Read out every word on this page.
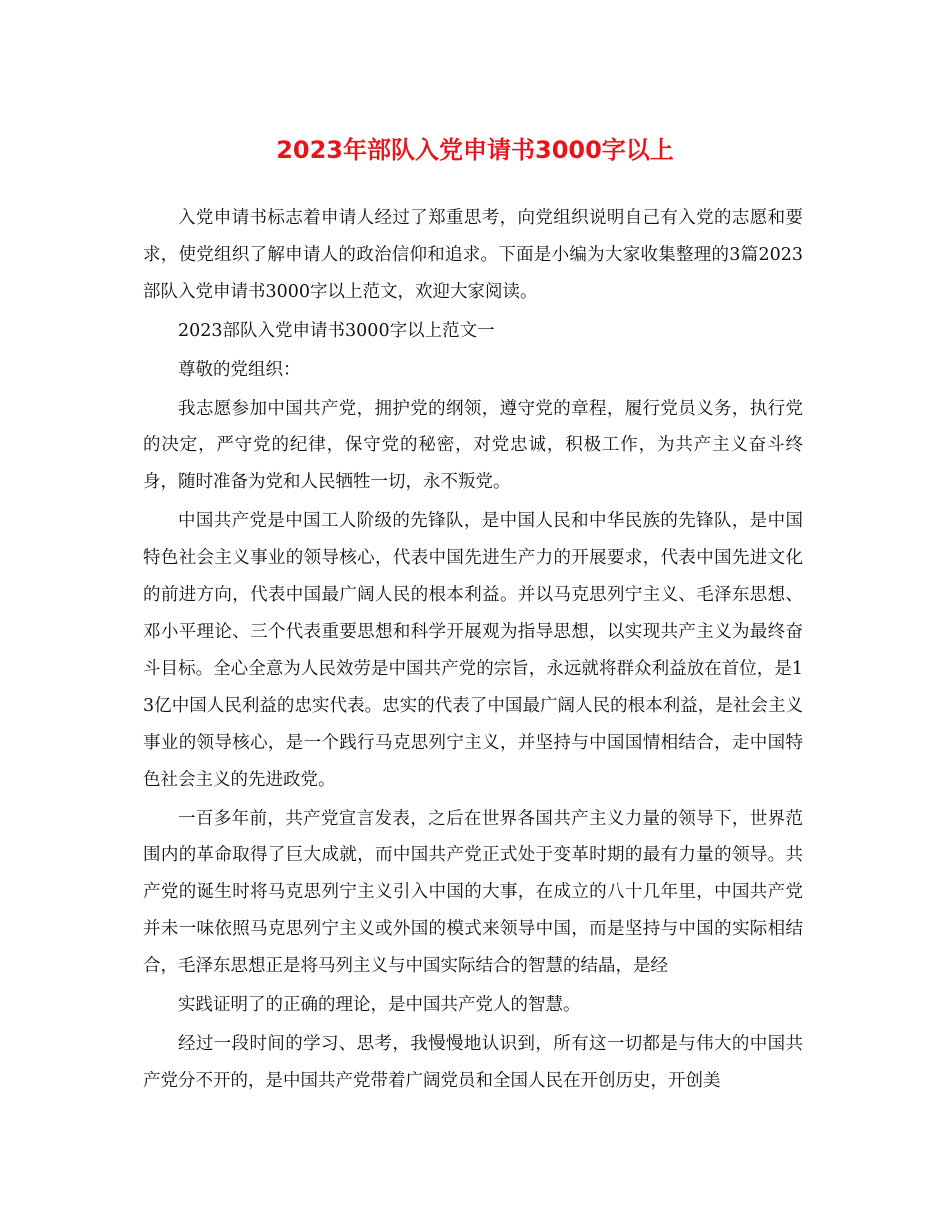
2023年部队入党申请书3000字以上

入党申请书标志着申请人经过了郑重思考，向党组织说明自己有入党的志愿和要求，使党组织了解申请人的政治信仰和追求。下面是小编为大家收集整理的3篇2023部队入党申请书3000字以上范文，欢迎大家阅读。

2023部队入党申请书3000字以上范文一

尊敬的党组织：

我志愿参加中国共产党，拥护党的纲领，遵守党的章程，履行党员义务，执行党的决定，严守党的纪律，保守党的秘密，对党忠诚，积极工作，为共产主义奋斗终身，随时准备为党和人民牺牲一切，永不叛党。

中国共产党是中国工人阶级的先锋队，是中国人民和中华民族的先锋队，是中国特色社会主义事业的领导核心，代表中国先进生产力的开展要求，代表中国先进文化的前进方向，代表中国最广阔人民的根本利益。并以马克思列宁主义、毛泽东思想、邓小平理论、三个代表重要思想和科学开展观为指导思想，以实现共产主义为最终奋斗目标。全心全意为人民效劳是中国共产党的宗旨，永远就将群众利益放在首位，是13亿中国人民利益的忠实代表。忠实的代表了中国最广阔人民的根本利益，是社会主义事业的领导核心，是一个践行马克思列宁主义，并坚持与中国国情相结合，走中国特色社会主义的先进政党。

一百多年前，共产党宣言发表，之后在世界各国共产主义力量的领导下，世界范围内的革命取得了巨大成就，而中国共产党正式处于变革时期的最有力量的领导。共产党的诞生时将马克思列宁主义引入中国的大事，在成立的八十几年里，中国共产党并未一味依照马克思列宁主义或外国的模式来领导中国，而是坚持与中国的实际相结合，毛泽东思想正是将马列主义与中国实际结合的智慧的结晶，是经

实践证明了的正确的理论，是中国共产党人的智慧。

经过一段时间的学习、思考，我慢慢地认识到，所有这一切都是与伟大的中国共产党分不开的，是中国共产党带着广阔党员和全国人民在开创历史，开创美
